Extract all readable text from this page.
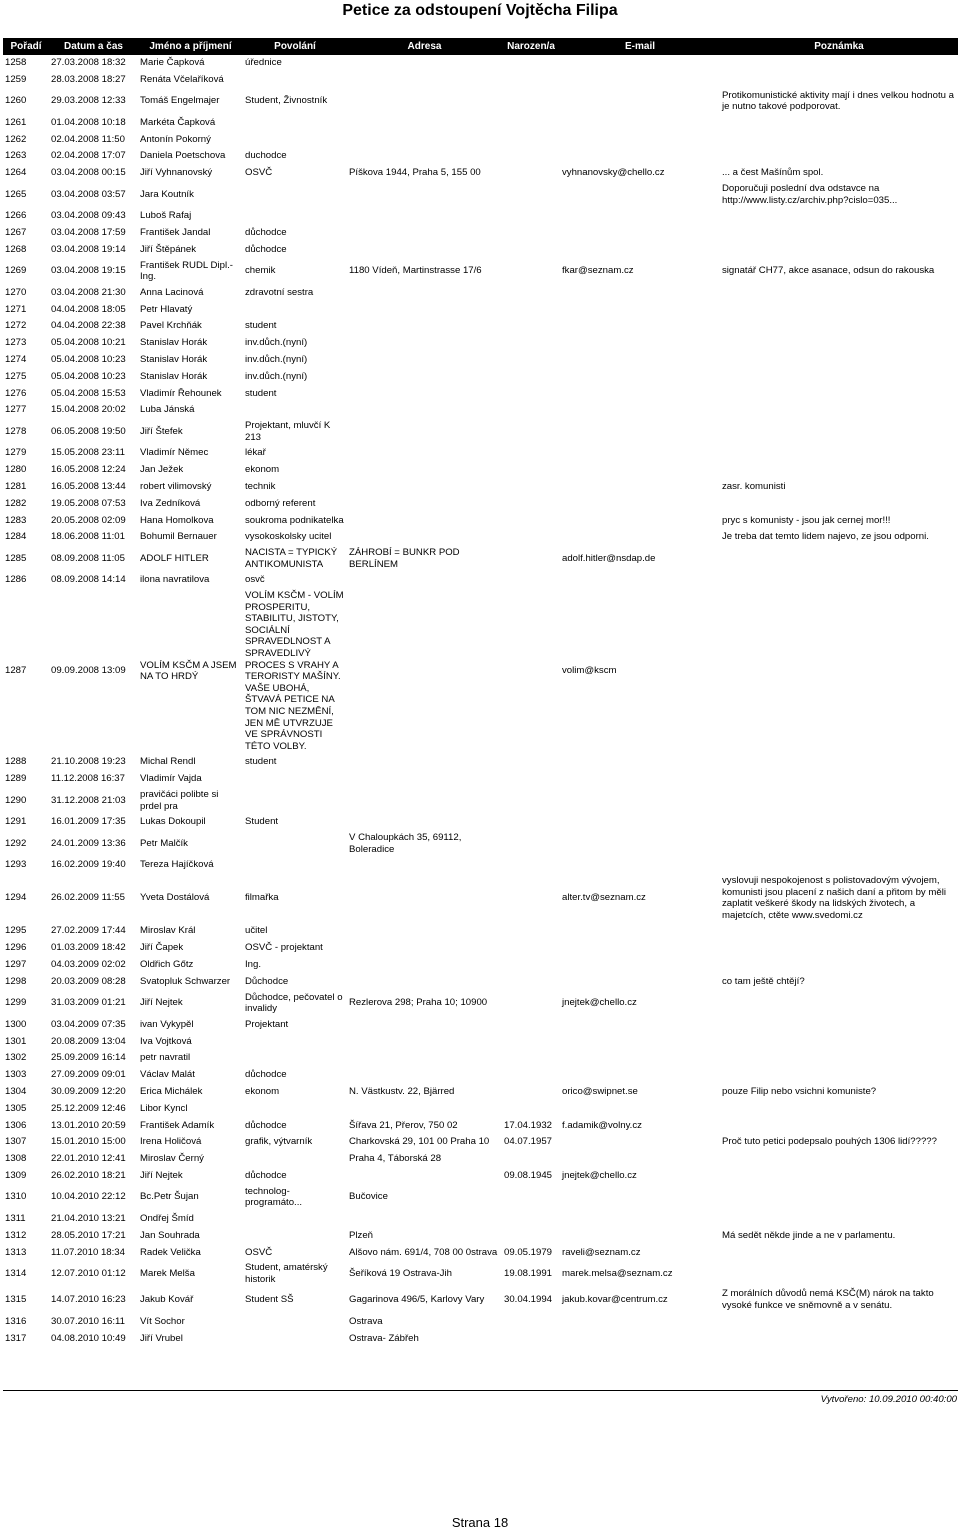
Petice za odstoupení Vojtěcha Filipa
Pořadí	Datum a čas	Jméno a příjmení	Povolání	Adresa	Narozen/a	E-mail	Poznámka
1258	27.03.2008 18:32	Marie Čapková	úřednice				
1259	28.03.2008 18:27	Renáta Včelaříková					
1260	29.03.2008 12:33	Tomáš Engelmajer	Student, Živnostník				Protikomunistické aktivity mají i dnes velkou hodnotu a je nutno takové podporovat.
1261	01.04.2008 10:18	Markéta Čapková					
1262	02.04.2008 11:50	Antonín Pokorný					
1263	02.04.2008 17:07	Daniela Poetschova	duchodce				
1264	03.04.2008 00:15	Jiří Vyhnanovský	OSVČ	Píškova 1944, Praha 5, 155 00		vyhnanovsky@chello.cz	... a čest Mašínům spol.
1265	03.04.2008 03:57	Jara Koutník					Doporučuji poslední dva odstavce na http://www.listy.cz/archiv.php?cislo=035...
1266	03.04.2008 09:43	Luboš Rafaj					
1267	03.04.2008 17:59	František Jandal	důchodce				
1268	03.04.2008 19:14	Jiří Štěpánek	důchodce				
1269	03.04.2008 19:15	František RUDL Dipl.-Ing.	chemik	1180 Vídeň, Martinstrasse 17/6		fkar@seznam.cz	signatář CH77, akce asanace, odsun do rakouska
1270	03.04.2008 21:30	Anna Lacinová	zdravotní sestra				
1271	04.04.2008 18:05	Petr Hlavatý					
1272	04.04.2008 22:38	Pavel Krchňák	student				
1273	05.04.2008 10:21	Stanislav Horák	inv.důch.(nyní)				
1274	05.04.2008 10:23	Stanislav Horák	inv.důch.(nyní)				
1275	05.04.2008 10:23	Stanislav Horák	inv.důch.(nyní)				
1276	05.04.2008 15:53	Vladimír Řehounek	student				
1277	15.04.2008 20:02	Luba Jánská					
1278	06.05.2008 19:50	Jiří Štefek	Projektant, mluvčí K 213				
1279	15.05.2008 23:11	Vladimír Němec	lékař				
1280	16.05.2008 12:24	Jan Ježek	ekonom				
1281	16.05.2008 13:44	robert vilimovský	technik				zasr. komunisti
1282	19.05.2008 07:53	Iva Zedníková	odborný referent				
1283	20.05.2008 02:09	Hana Homolkova	soukroma podnikatelka				pryc s komunisty - jsou jak cernej mor!!!
1284	18.06.2008 11:01	Bohumil Bernauer	vysokoskolsky ucitel				Je treba dat temto lidem najevo, ze jsou odporni.
1285	08.09.2008 11:05	ADOLF HITLER	NACISTA = TYPICKÝ ANTIKOMUNISTA	ZÁHROBÍ = BUNKR POD BERLÍNEM		adolf.hitler@nsdap.de	
1286	08.09.2008 14:14	ilona navratilova	osvč				
1287	09.09.2008 13:09	VOLÍM KSČM A JSEM NA TO HRDÝ	VOLÍM KSČM - VOLÍM PROSPERITU, STABILITU, JISTOTY, SOCIÁLNÍ SPRAVEDLNOST A SPRAVEDLIVÝ PROCES S VRAHY A TERORISTY MAŠÍNY. VAŠE UBOHÁ, ŠTVAVÁ PETICE NA TOM NIC NEZMĚNÍ, JEN MĚ UTVRZUJE VE SPRÁVNOSTI TÉTO VOLBY.			volim@kscm	
1288	21.10.2008 19:23	Michal Rendl	student				
1289	11.12.2008 16:37	Vladimír Vajda					
1290	31.12.2008 21:03	pravičáci polibte si prdel pra					
1291	16.01.2009 17:35	Lukas Dokoupil	Student				
1292	24.01.2009 13:36	Petr Malčík		V Chaloupkách 35, 69112, Boleradice			
1293	16.02.2009 19:40	Tereza Hajíčková					
1294	26.02.2009 11:55	Yveta Dostálová	filmařka			alter.tv@seznam.cz	vyslovuji nespokojenost s polistovadovým vývojem, komunisti jsou placení z našich daní a přitom by měli zaplatit veškeré škody na lidských životech, a majetcích, ctěte www.svedomi.cz
1295	27.02.2009 17:44	Miroslav Král	učitel				
1296	01.03.2009 18:42	Jiří Čapek	OSVČ - projektant				
1297	04.03.2009 02:02	Oldřich Gőtz	Ing.				
1298	20.03.2009 08:28	Svatopluk Schwarzer	Důchodce				co tam ještě chtějí?
1299	31.03.2009 01:21	Jiří Nejtek	Důchodce, pečovatel o invalidy	Rezlerova 298; Praha 10; 10900		jnejtek@chello.cz	
1300	03.04.2009 07:35	ivan Vykypěl	Projektant				
1301	20.08.2009 13:04	Iva Vojtková					
1302	25.09.2009 16:14	petr navratil					
1303	27.09.2009 09:01	Václav Malát	důchodce				
1304	30.09.2009 12:20	Erica Michálek	ekonom	N. Västkustv. 22, Bjärred		orico@swipnet.se	pouze Filip nebo vsichni komuniste?
1305	25.12.2009 12:46	Libor Kyncl					
1306	13.01.2010 20:59	František Adamík	důchodce	Šířava 21, Přerov, 750 02	17.04.1932	f.adamik@volny.cz	
1307	15.01.2010 15:00	Irena Holičová	grafik, výtvarník	Charkovská 29, 101 00 Praha 10	04.07.1957		Proč tuto petici podepsalo pouhých 1306 lidí?????
1308	22.01.2010 12:41	Miroslav Černý		Praha 4, Táborská 28			
1309	26.02.2010 18:21	Jiří Nejtek	důchodce		09.08.1945	jnejtek@chello.cz	
1310	10.04.2010 22:12	Bc.Petr Šujan	technolog-programáto...	Bučovice			
1311	21.04.2010 13:21	Ondřej Šmíd					
1312	28.05.2010 17:21	Jan Souhrada		Plzeň			Má sedět někde jinde a ne v parlamentu.
1313	11.07.2010 18:34	Radek Velička	OSVČ	Alšovo nám. 691/4, 708 00 0strava	09.05.1979	raveli@seznam.cz	
1314	12.07.2010 01:12	Marek Melša	Student, amatérský historik	Šeříková 19 Ostrava-Jih	19.08.1991	marek.melsa@seznam.cz	
1315	14.07.2010 16:23	Jakub Kovář	Student SŠ	Gagarinova 496/5, Karlovy Vary	30.04.1994	jakub.kovar@centrum.cz	Z morálních důvodů nemá KSČ(M) nárok na takto vysoké funkce ve sněmovně a v senátu.
1316	30.07.2010 16:11	Vít Sochor		Ostrava			
1317	04.08.2010 10:49	Jiří Vrubel		Ostrava- Zábřeh			
Vytvořeno: 10.09.2010 00:40:00
Strana 18
